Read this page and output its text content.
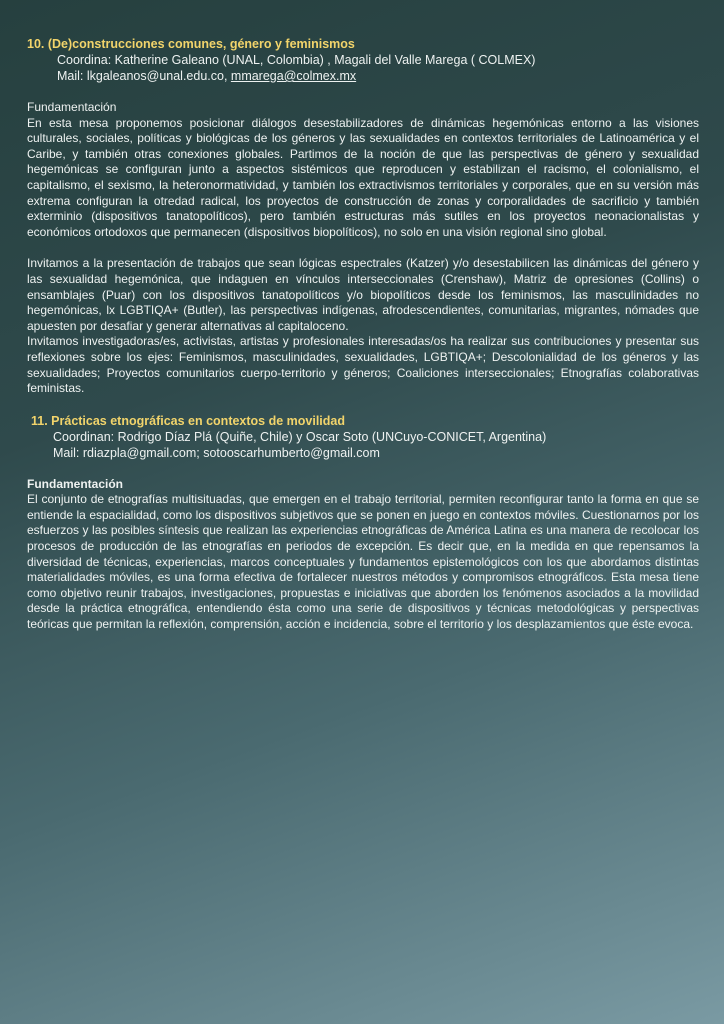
10. (De)construcciones comunes, género y feminismos
Coordina: Katherine Galeano (UNAL, Colombia) , Magali del Valle Marega ( COLMEX)
Mail: lkgaleanos@unal.edu.co, mmarega@colmex.mx

Fundamentación

En esta mesa proponemos posicionar diálogos desestabilizadores de dinámicas hegemónicas entorno a las visiones culturales, sociales, políticas y biológicas de los géneros y las sexualidades en contextos territoriales de Latinoamérica y el Caribe, y también otras conexiones globales. Partimos de la noción de que las perspectivas de género y sexualidad hegemónicas se configuran junto a aspectos sistémicos que reproducen y estabilizan el racismo, el colonialismo, el capitalismo, el sexismo, la heteronormatividad, y también los extractivismos territoriales y corporales, que en su versión más extrema configuran la otredad radical, los proyectos de construcción de zonas y corporalidades de sacrificio y también exterminio (dispositivos tanatopolíticos), pero también estructuras más sutiles en los proyectos neonacionalistas y económicos ortodoxos que permanecen (dispositivos biopolíticos), no solo en una visión regional sino global.

Invitamos a la presentación de trabajos que sean lógicas espectrales (Katzer) y/o desestabilicen las dinámicas del género y las sexualidad hegemónica, que indaguen en vínculos interseccionales (Crenshaw), Matriz de opresiones (Collins) o ensamblajes (Puar) con los dispositivos tanatopolíticos y/o biopolíticos desde los feminismos, las masculinidades no hegemónicas, lx LGBTIQA+ (Butler), las perspectivas indígenas, afrodescendientes, comunitarias, migrantes, nómades que apuesten por desafiar y generar alternativas al capitaloceno.

Invitamos investigadoras/es, activistas, artistas y profesionales interesadas/os ha realizar sus contribuciones y presentar sus reflexiones sobre los ejes: Feminismos, masculinidades, sexualidades, LGBTIQA+; Descolonialidad de los géneros y las sexualidades; Proyectos comunitarios cuerpo-territorio y géneros; Coaliciones interseccionales; Etnografías colaborativas feministas.

11. Prácticas etnográficas en contextos de movilidad
Coordinan: Rodrigo Díaz Plá (Quiñe, Chile) y Oscar Soto (UNCuyo-CONICET, Argentina)
Mail: rdiazpla@gmail.com; sotooscarhumberto@gmail.com

Fundamentación

El conjunto de etnografías multisituadas, que emergen en el trabajo territorial, permiten reconfigurar tanto la forma en que se entiende la espacialidad, como los dispositivos subjetivos que se ponen en juego en contextos móviles. Cuestionarnos por los esfuerzos y las posibles síntesis que realizan las experiencias etnográficas de América Latina es una manera de recolocar los procesos de producción de las etnografías en periodos de excepción. Es decir que, en la medida en que repensamos la diversidad de técnicas, experiencias, marcos conceptuales y fundamentos epistemológicos con los que abordamos distintas materialidades móviles, es una forma efectiva de fortalecer nuestros métodos y compromisos etnográficos. Esta mesa tiene como objetivo reunir trabajos, investigaciones, propuestas e iniciativas que aborden los fenómenos asociados a la movilidad desde la práctica etnográfica, entendiendo ésta como una serie de dispositivos y técnicas metodológicas y perspectivas teóricas que permitan la reflexión, comprensión, acción e incidencia, sobre el territorio y los desplazamientos que éste evoca.
